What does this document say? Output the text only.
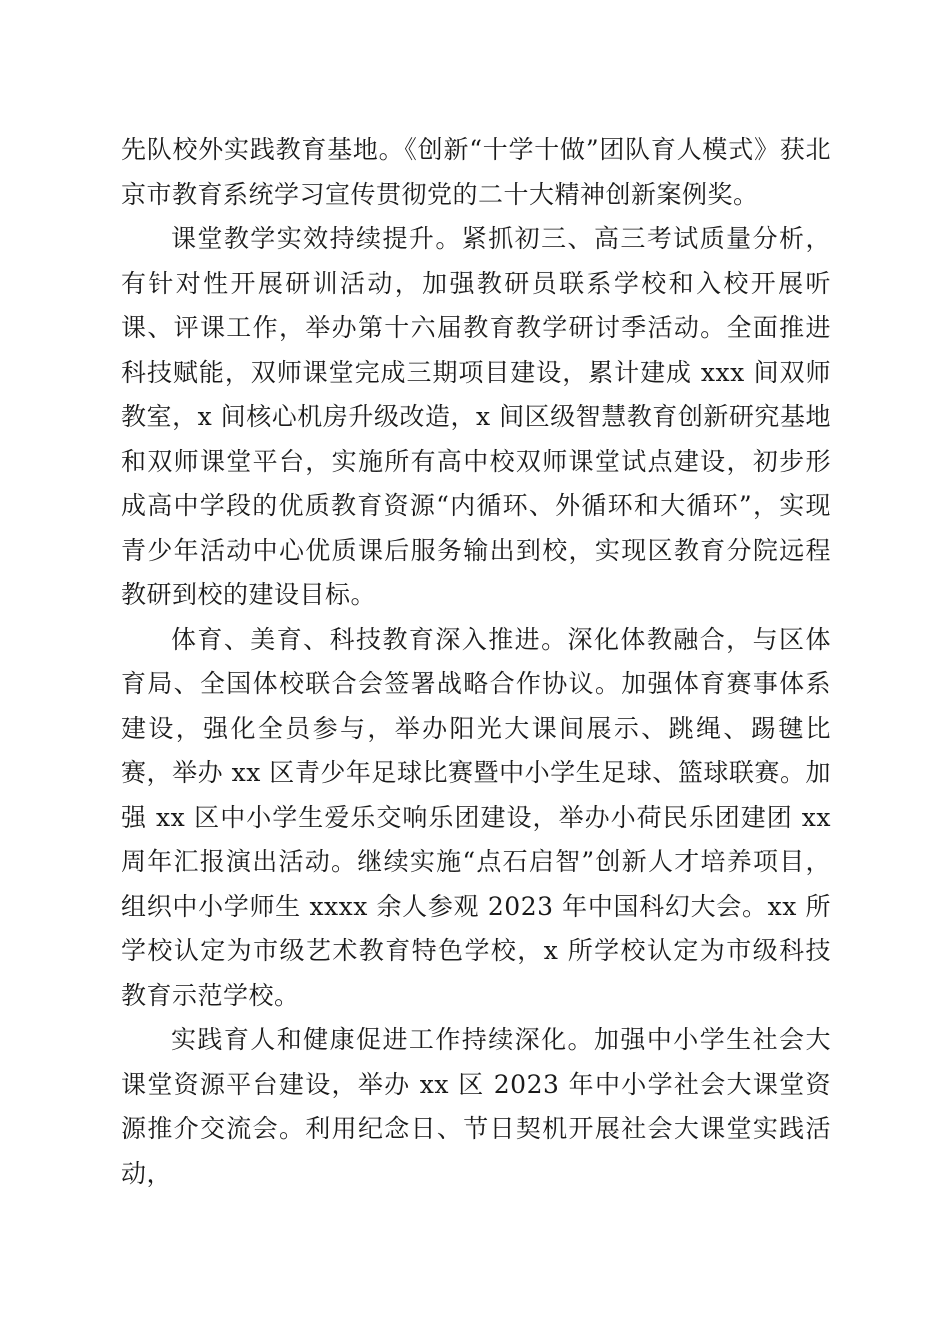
先队校外实践教育基地。《创新“十学十做”团队育人模式》获北京市教育系统学习宣传贯彻党的二十大精神创新案例奖。

课堂教学实效持续提升。紧抓初三、高三考试质量分析，有针对性开展研训活动，加强教研员联系学校和入校开展听课、评课工作，举办第十六届教育教学研讨季活动。全面推进科技赋能，双师课堂完成三期项目建设，累计建成 xxx 间双师教室，x 间核心机房升级改造，x 间区级智慧教育创新研究基地和双师课堂平台，实施所有高中校双师课堂试点建设，初步形成高中学段的优质教育资源“内循环、外循环和大循环”，实现青少年活动中心优质课后服务输出到校，实现区教育分院远程教研到校的建设目标。

体育、美育、科技教育深入推进。深化体教融合，与区体育局、全国体校联合会签署战略合作协议。加强体育赛事体系建设，强化全员参与，举办阳光大课间展示、跳绳、踢毽比赛，举办 xx 区青少年足球比赛暨中小学生足球、篮球联赛。加强 xx 区中小学生爱乐交响乐团建设，举办小荷民乐团建团 xx 周年汇报演出活动。继续实施“点石启智”创新人才培养项目，组织中小学师生 xxxx 余人参观 2023 年中国科幻大会。xx 所学校认定为市级艺术教育特色学校，x 所学校认定为市级科技教育示范学校。

实践育人和健康促进工作持续深化。加强中小学生社会大课堂资源平台建设，举办 xx 区 2023 年中小学社会大课堂资源推介交流会。利用纪念日、节日契机开展社会大课堂实践活动，
